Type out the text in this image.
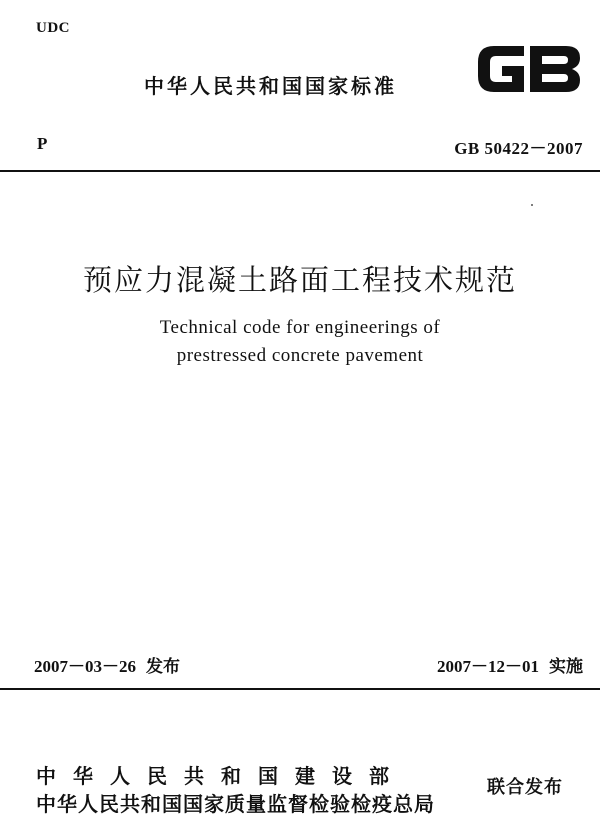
UDC
中华人民共和国国家标准
P	GB 50422－2007
预应力混凝土路面工程技术规范
Technical code for engineerings of
prestressed concrete pavement
2007－03－26 发布	2007－12－01 实施
中华人民共和国建设部
中华人民共和国国家质量监督检验检疫总局
联合发布
